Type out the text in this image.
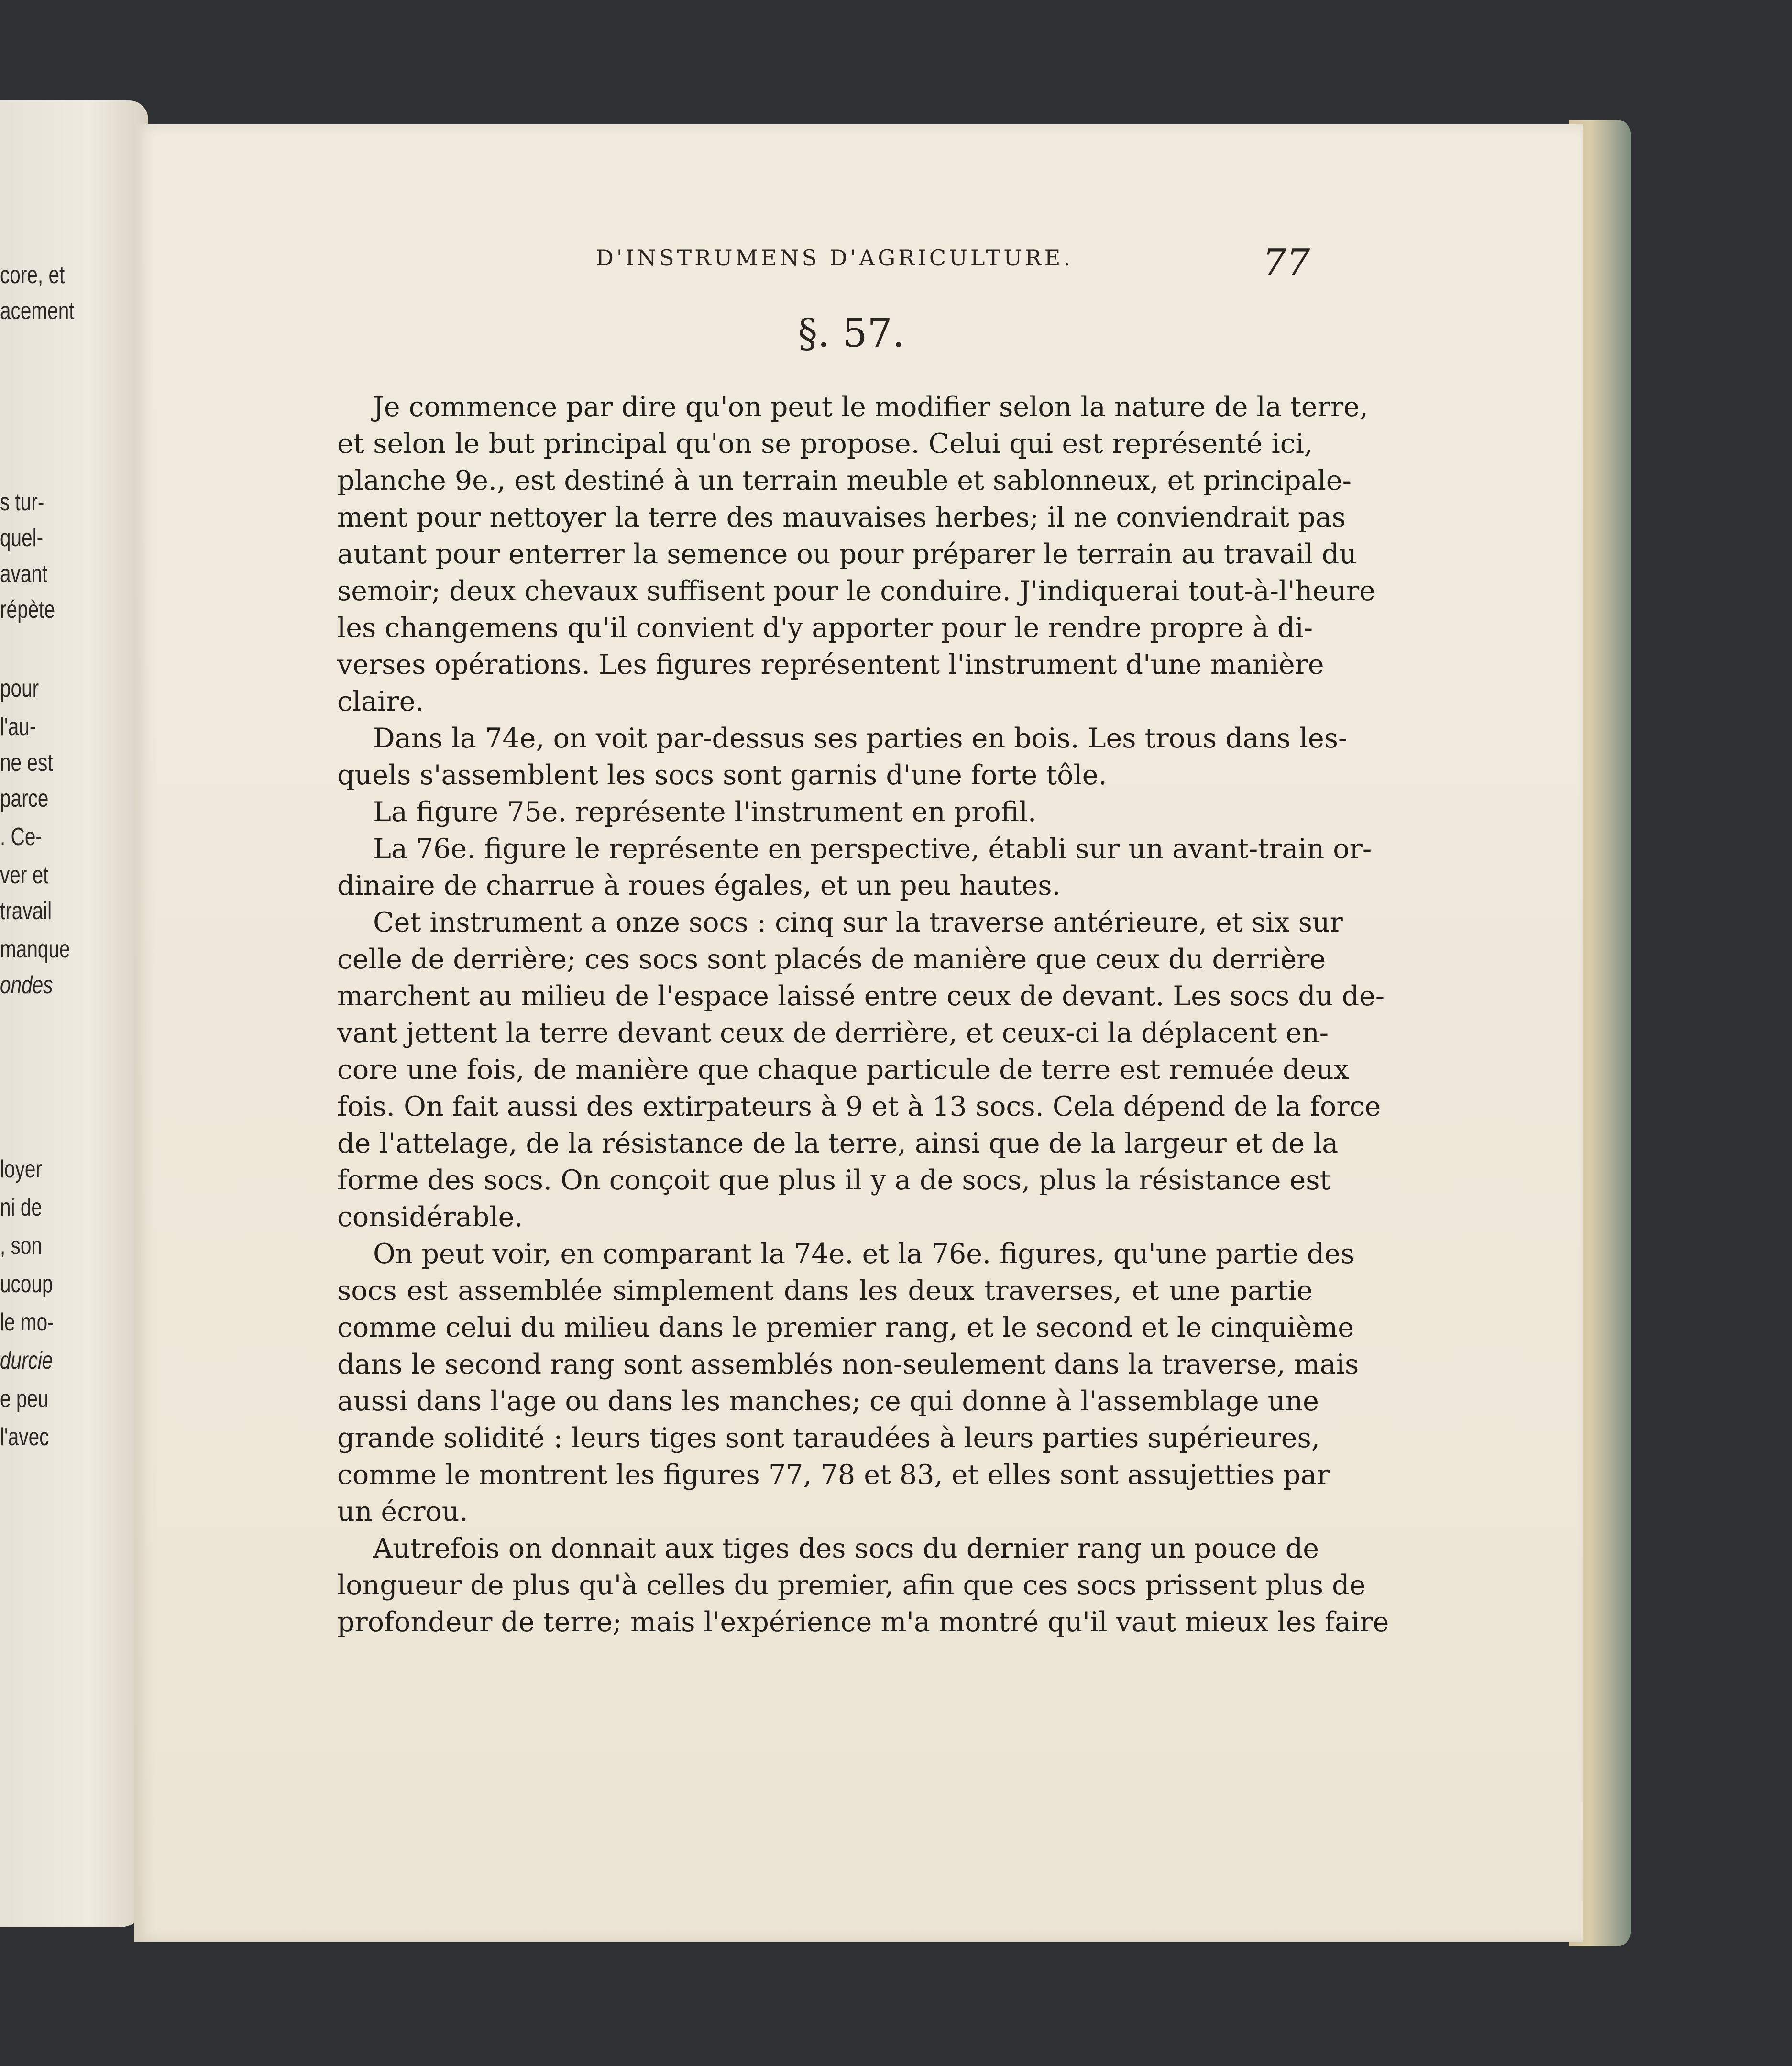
core, et
acement
s tur-
quel-
avant
répète
pour
l'au-
ne est
parce
. Ce-
ver et
travail
manque
ondes
loyer
ni de
, son
ucoup
le mo-
durcie
e peu
l'avec
D'INSTRUMENS D'AGRICULTURE.	77
§. 57.
Je commence par dire qu'on peut le modifier selon la nature de la terre,
et selon le but principal qu'on se propose. Celui qui est représenté ici,
planche 9e., est destiné à un terrain meuble et sablonneux, et principale-
ment pour nettoyer la terre des mauvaises herbes; il ne conviendrait pas
autant pour enterrer la semence ou pour préparer le terrain au travail du
semoir; deux chevaux suffisent pour le conduire. J'indiquerai tout-à-l'heure
les changemens qu'il convient d'y apporter pour le rendre propre à di-
verses opérations. Les figures représentent l'instrument d'une manière
claire.
Dans la 74e, on voit par-dessus ses parties en bois. Les trous dans les-
quels s'assemblent les socs sont garnis d'une forte tôle.
La figure 75e. représente l'instrument en profil.
La 76e. figure le représente en perspective, établi sur un avant-train or-
dinaire de charrue à roues égales, et un peu hautes.
Cet instrument a onze socs : cinq sur la traverse antérieure, et six sur
celle de derrière; ces socs sont placés de manière que ceux du derrière
marchent au milieu de l'espace laissé entre ceux de devant. Les socs du de-
vant jettent la terre devant ceux de derrière, et ceux-ci la déplacent en-
core une fois, de manière que chaque particule de terre est remuée deux
fois. On fait aussi des extirpateurs à 9 et à 13 socs. Cela dépend de la force
de l'attelage, de la résistance de la terre, ainsi que de la largeur et de la
forme des socs. On conçoit que plus il y a de socs, plus la résistance est
considérable.
On peut voir, en comparant la 74e. et la 76e. figures, qu'une partie des
socs est assemblée simplement dans les deux traverses, et une partie
comme celui du milieu dans le premier rang, et le second et le cinquième
dans le second rang sont assemblés non-seulement dans la traverse, mais
aussi dans l'age ou dans les manches; ce qui donne à l'assemblage une
grande solidité : leurs tiges sont taraudées à leurs parties supérieures,
comme le montrent les figures 77, 78 et 83, et elles sont assujetties par
un écrou.
Autrefois on donnait aux tiges des socs du dernier rang un pouce de
longueur de plus qu'à celles du premier, afin que ces socs prissent plus de
profondeur de terre; mais l'expérience m'a montré qu'il vaut mieux les faire
